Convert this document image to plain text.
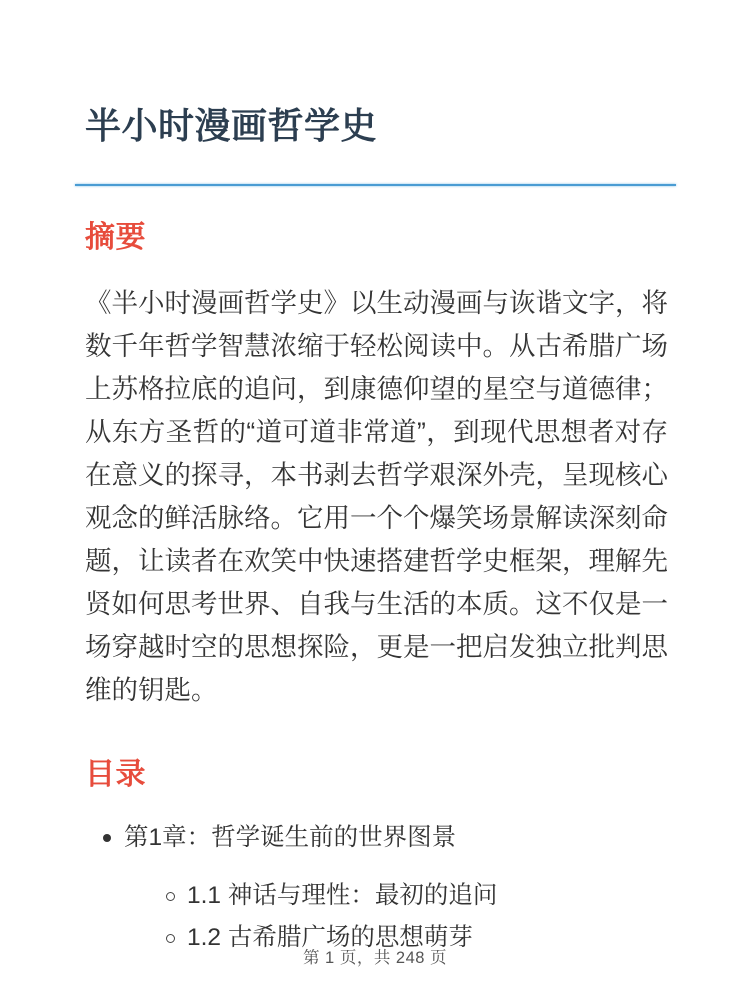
半小时漫画哲学史
摘要

《半小时漫画哲学史》以生动漫画与诙谐文字，将数千年哲学智慧浓缩于轻松阅读中。从古希腊广场上苏格拉底的追问，到康德仰望的星空与道德律；从东方圣哲的“道可道非常道”，到现代思想者对存在意义的探寻，本书剥去哲学艰深外壳，呈现核心观念的鲜活脉络。它用一个个爆笑场景解读深刻命题，让读者在欢笑中快速搭建哲学史框架，理解先贤如何思考世界、自我与生活的本质。这不仅是一场穿越时空的思想探险，更是一把启发独立批判思维的钥匙。

目录
第1章：哲学诞生前的世界图景
1.1 神话与理性：最初的追问
1.2 古希腊广场的思想萌芽
第 1 页，共 248 页
